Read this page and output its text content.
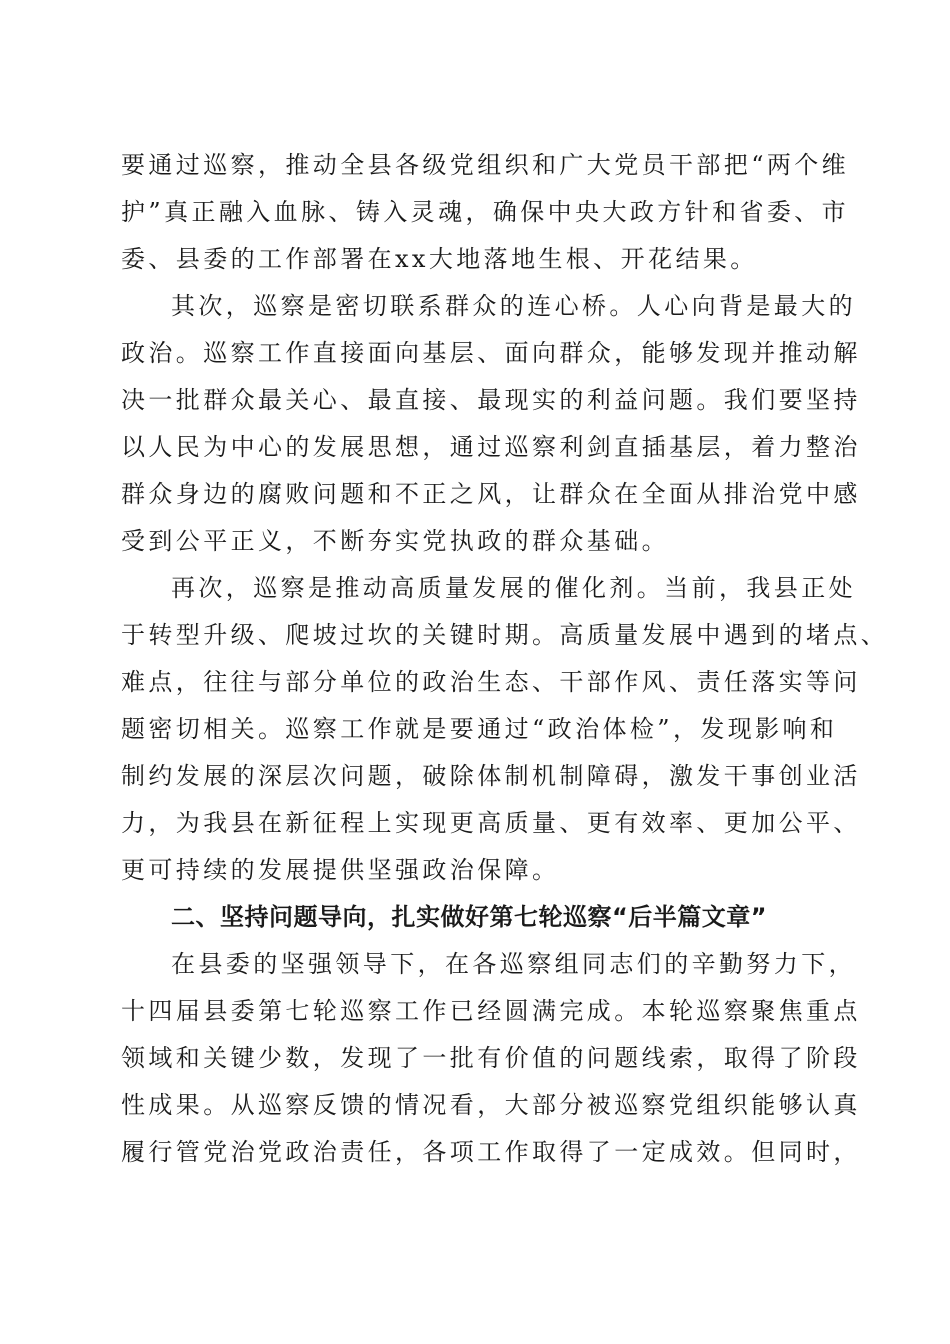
要通过巡察，推动全县各级党组织和广大党员干部把“两个维
护”真正融入血脉、铸入灵魂，确保中央大政方针和省委、市
委、县委的工作部署在xx大地落地生根、开花结果。
其次，巡察是密切联系群众的连心桥。人心向背是最大的
政治。巡察工作直接面向基层、面向群众，能够发现并推动解
决一批群众最关心、最直接、最现实的利益问题。我们要坚持
以人民为中心的发展思想，通过巡察利剑直插基层，着力整治
群众身边的腐败问题和不正之风，让群众在全面从排治党中感
受到公平正义，不断夯实党执政的群众基础。
再次，巡察是推动高质量发展的催化剂。当前，我县正处
于转型升级、爬坡过坎的关键时期。高质量发展中遇到的堵点、
难点，往往与部分单位的政治生态、干部作风、责任落实等问
题密切相关。巡察工作就是要通过“政治体检”，发现影响和
制约发展的深层次问题，破除体制机制障碍，激发干事创业活
力，为我县在新征程上实现更高质量、更有效率、更加公平、
更可持续的发展提供坚强政治保障。
二、坚持问题导向，扎实做好第七轮巡察“后半篇文章”
在县委的坚强领导下，在各巡察组同志们的辛勤努力下，
十四届县委第七轮巡察工作已经圆满完成。本轮巡察聚焦重点
领域和关键少数，发现了一批有价值的问题线索，取得了阶段
性成果。从巡察反馈的情况看，大部分被巡察党组织能够认真
履行管党治党政治责任，各项工作取得了一定成效。但同时，
